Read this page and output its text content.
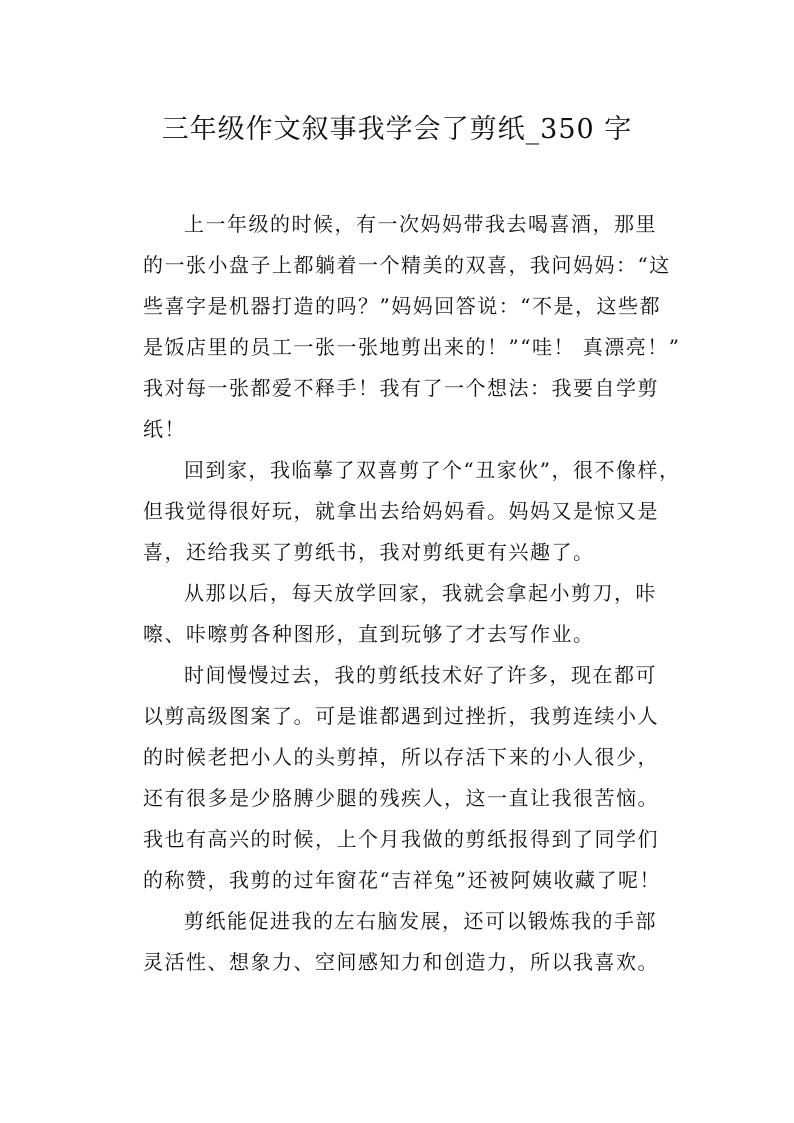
三年级作文叙事我学会了剪纸_350 字
上一年级的时候，有一次妈妈带我去喝喜酒，那里
的一张小盘子上都躺着一个精美的双喜，我问妈妈：“这
些喜字是机器打造的吗？”妈妈回答说：“不是，这些都
是饭店里的员工一张一张地剪出来的！”“哇！ 真漂亮！”
我对每一张都爱不释手！我有了一个想法：我要自学剪
纸！
回到家，我临摹了双喜剪了个“丑家伙”，很不像样，
但我觉得很好玩，就拿出去给妈妈看。妈妈又是惊又是
喜，还给我买了剪纸书，我对剪纸更有兴趣了。
从那以后，每天放学回家，我就会拿起小剪刀，咔
嚓、咔嚓剪各种图形，直到玩够了才去写作业。
时间慢慢过去，我的剪纸技术好了许多，现在都可
以剪高级图案了。可是谁都遇到过挫折，我剪连续小人
的时候老把小人的头剪掉，所以存活下来的小人很少，
还有很多是少胳膊少腿的残疾人，这一直让我很苦恼。
我也有高兴的时候，上个月我做的剪纸报得到了同学们
的称赞，我剪的过年窗花“吉祥兔”还被阿姨收藏了呢！
剪纸能促进我的左右脑发展，还可以锻炼我的手部
灵活性、想象力、空间感知力和创造力，所以我喜欢。
